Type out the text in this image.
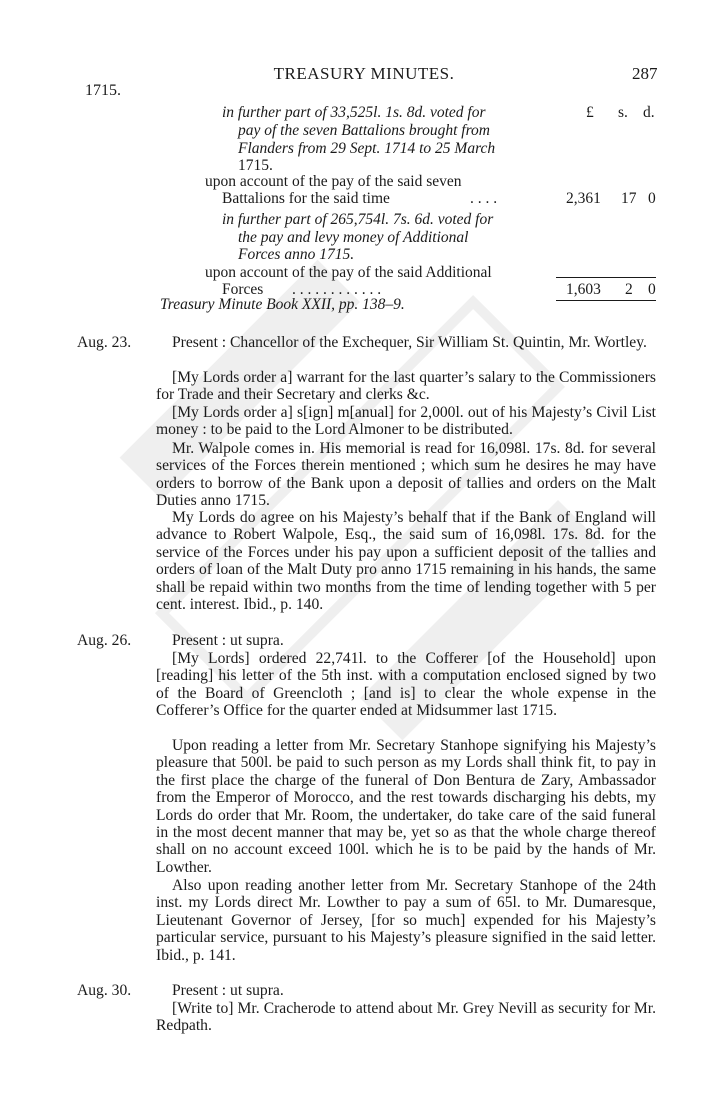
TREASURY MINUTES.	287
1715.
£ s. d.
in further part of 33,525l. 1s. 8d. voted for
pay of the seven Battalions brought from
Flanders from 29 Sept. 1714 to 25 March
1715.
upon account of the pay of the said seven
Battalions for the said time	. . . .	2,361 17 0
in further part of 265,754l. 7s. 6d. voted for
the pay and levy money of Additional
Forces anno 1715.
upon account of the pay of the said Additional
Forces . . . . . . . . . . . .	1,603 2 0
Treasury Minute Book XXII, pp. 138–9.
Aug. 23.	Present : Chancellor of the Exchequer, Sir William St. Quintin, Mr. Wortley.
[My Lords order a] warrant for the last quarter’s salary to the Commissioners for Trade and their Secretary and clerks &c.
[My Lords order a] s[ign] m[anual] for 2,000l. out of his Majesty’s Civil List money : to be paid to the Lord Almoner to be distributed.
Mr. Walpole comes in. His memorial is read for 16,098l. 17s. 8d. for several services of the Forces therein mentioned ; which sum he desires he may have orders to borrow of the Bank upon a deposit of tallies and orders on the Malt Duties anno 1715.
My Lords do agree on his Majesty’s behalf that if the Bank of England will advance to Robert Walpole, Esq., the said sum of 16,098l. 17s. 8d. for the service of the Forces under his pay upon a sufficient deposit of the tallies and orders of loan of the Malt Duty pro anno 1715 remaining in his hands, the same shall be repaid within two months from the time of lending together with 5 per cent. interest. Ibid., p. 140.
Aug. 26.	Present : ut supra.
[My Lords] ordered 22,741l. to the Cofferer [of the Household] upon [reading] his letter of the 5th inst. with a computation enclosed signed by two of the Board of Greencloth ; [and is] to clear the whole expense in the Cofferer’s Office for the quarter ended at Midsummer last 1715.
Upon reading a letter from Mr. Secretary Stanhope signifying his Majesty’s pleasure that 500l. be paid to such person as my Lords shall think fit, to pay in the first place the charge of the funeral of Don Bentura de Zary, Ambassador from the Emperor of Morocco, and the rest towards discharging his debts, my Lords do order that Mr. Room, the undertaker, do take care of the said funeral in the most decent manner that may be, yet so as that the whole charge thereof shall on no account exceed 100l. which he is to be paid by the hands of Mr. Lowther.
Also upon reading another letter from Mr. Secretary Stanhope of the 24th inst. my Lords direct Mr. Lowther to pay a sum of 65l. to Mr. Dumaresque, Lieutenant Governor of Jersey, [for so much] expended for his Majesty’s particular service, pursuant to his Majesty’s pleasure signified in the said letter. Ibid., p. 141.
Aug. 30.	Present : ut supra.
[Write to] Mr. Cracherode to attend about Mr. Grey Nevill as security for Mr. Redpath.
